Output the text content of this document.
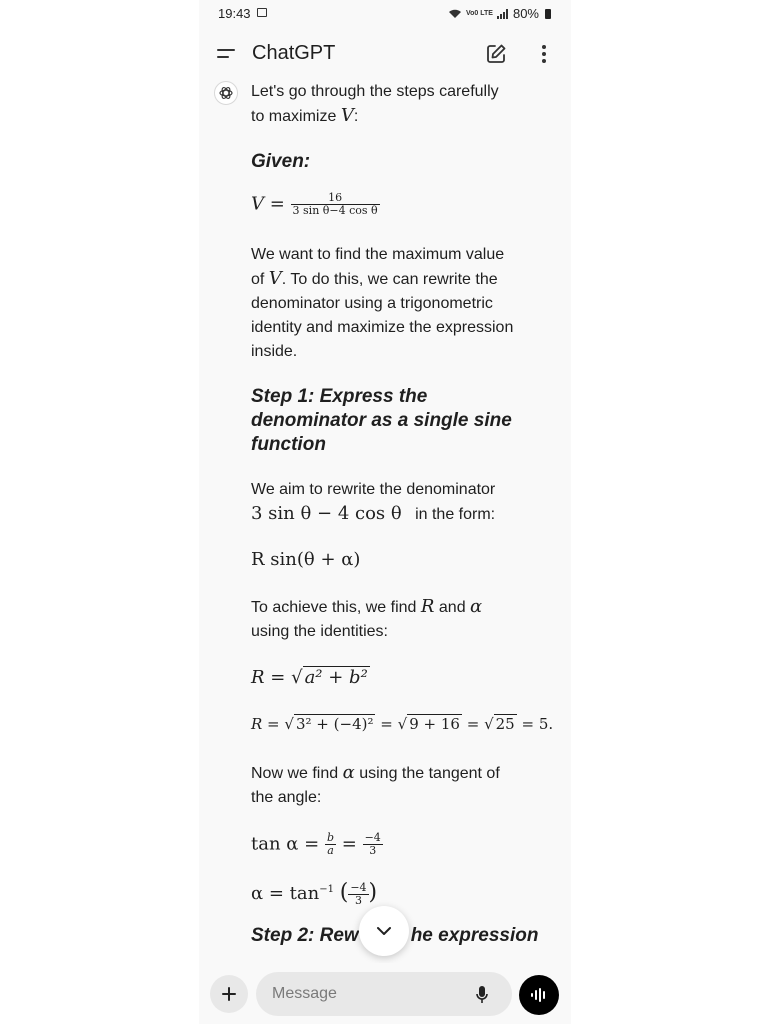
19:43	Vo0 LTE 80%
ChatGPT
Let's go through the steps carefully
to maximize V:
Given:
$V = \frac{16}{\text{3 sin θ−4 cos θ}}$
We want to find the maximum value
of V. To do this, we can rewrite the
denominator using a trigonometric
identity and maximize the expression
inside.
Step 1: Express the
denominator as a single sine
function
We aim to rewrite the denominator
3 sin θ − 4 cos θ in the form:
R sin(θ + α)
To achieve this, we find R and α
using the identities:
R = √ a² + b²
R = √ 3² + (−4)² = √ 9 + 16 = √ 25 = 5.
Now we find α using the tangent of
the angle:
$\tan \alpha = \frac{b}{a} = \frac{-4}{3}$
$\alpha = \tan^{-1}$ ( $\frac{-4}{3}$ )
Step 2: Rew	he expression
Message
